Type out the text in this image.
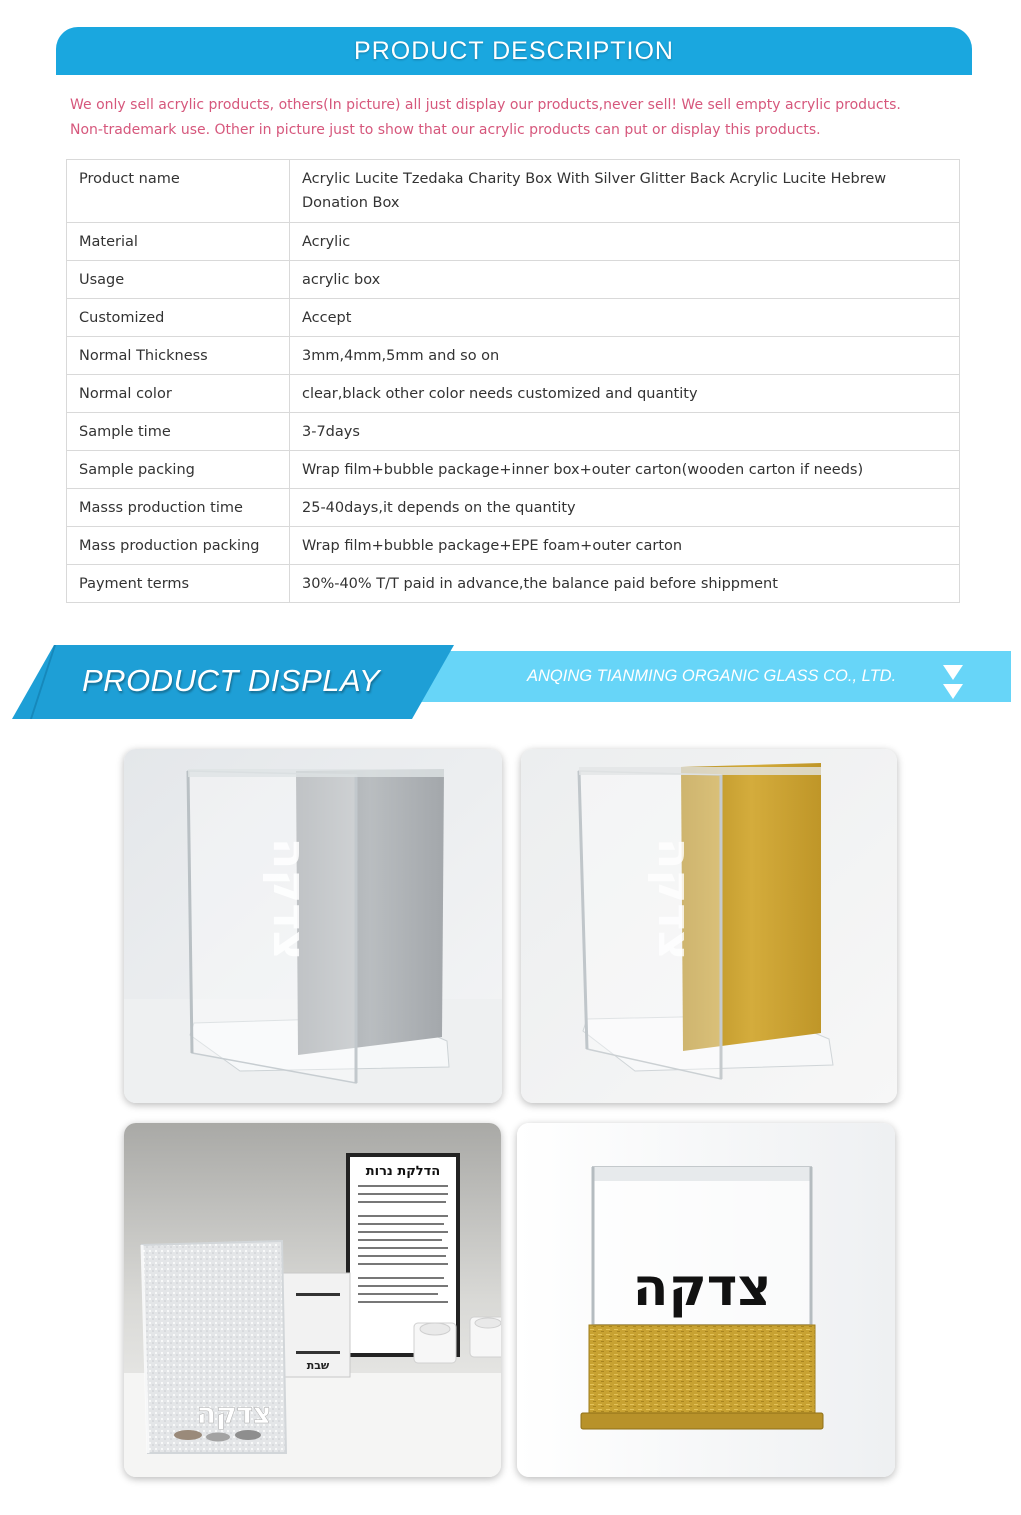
PRODUCT DESCRIPTION

We only sell acrylic products, others(In picture) all just display our products,never sell! We sell empty acrylic products.

Non-trademark use. Other in picture just to show that our acrylic products can put or display this products.

Product name	Acrylic Lucite Tzedaka Charity Box With Silver Glitter Back Acrylic Lucite Hebrew Donation Box
Material	Acrylic
Usage	acrylic box
Customized	Accept
Normal Thickness	3mm,4mm,5mm and so on
Normal color	clear,black other color needs customized and quantity
Sample time	3-7days
Sample packing	Wrap film+bubble package+inner box+outer carton(wooden carton if needs)
Masss production time	25-40days,it depends on the quantity
Mass production packing	Wrap film+bubble package+EPE foam+outer carton
Payment terms	30%-40% T/T paid in advance,the balance paid before shippment
PRODUCT DISPLAY	ANQING TIANMING ORGANIC GLASS CO., LTD.
צדקה	צדקה
הדלקת נרות
שבת
צדקה
צדקה
